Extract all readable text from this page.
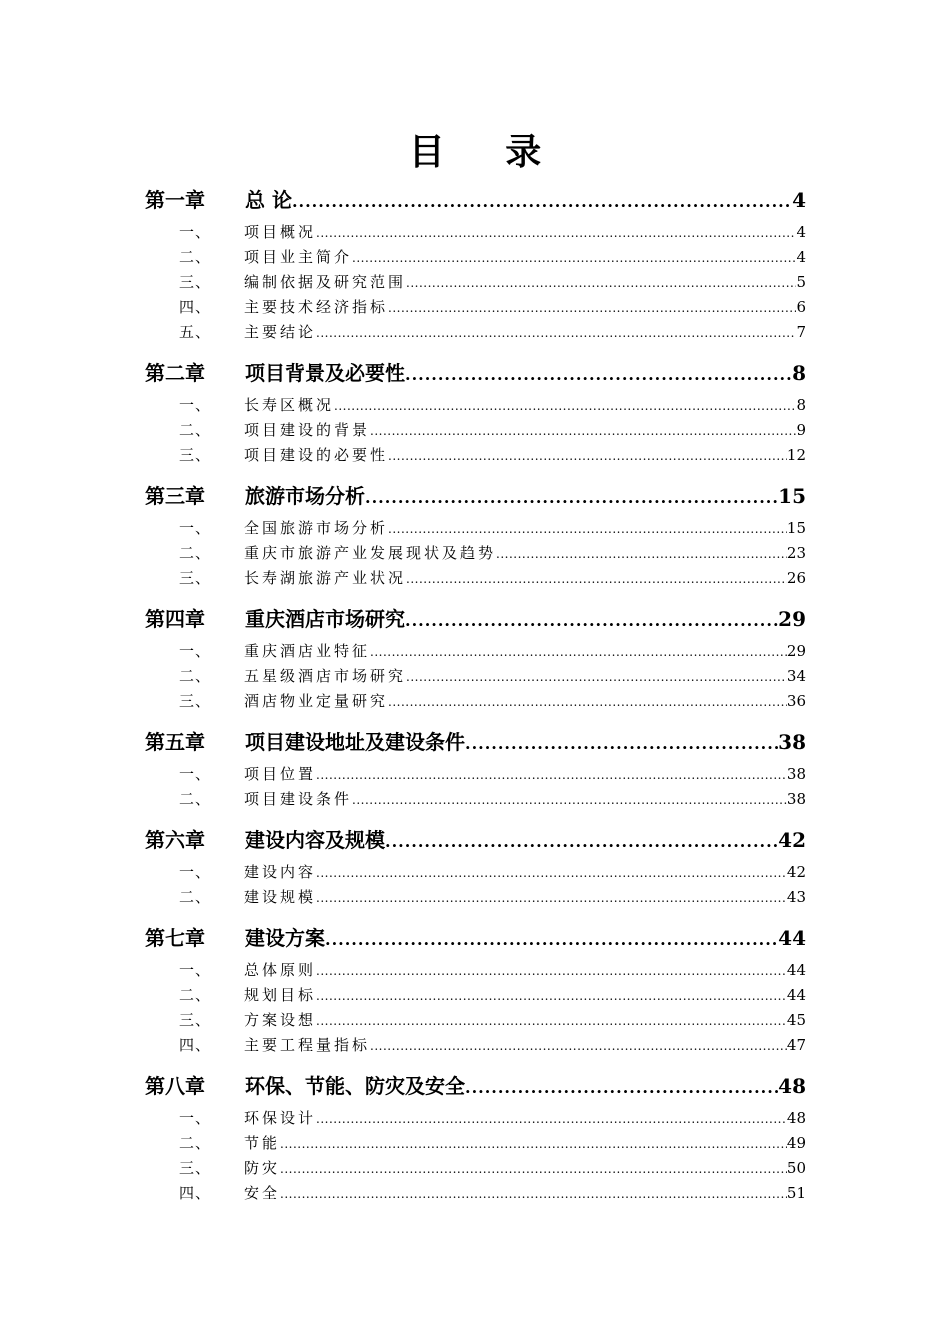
目 录
第一章	总 论 .....	4
一、	项目概况 .....	4
二、	项目业主简介 .....	4
三、	编制依据及研究范围 .....	5
四、	主要技术经济指标 .....	6
五、	主要结论 .....	7
第二章	项目背景及必要性 .....	8
一、	长寿区概况 .....	8
二、	项目建设的背景 .....	9
三、	项目建设的必要性 .....	12
第三章	旅游市场分析 .....	15
一、	全国旅游市场分析 .....	15
二、	重庆市旅游产业发展现状及趋势 .....	23
三、	长寿湖旅游产业状况 .....	26
第四章	重庆酒店市场研究 .....	29
一、	重庆酒店业特征 .....	29
二、	五星级酒店市场研究 .....	34
三、	酒店物业定量研究 .....	36
第五章	项目建设地址及建设条件 .....	38
一、	项目位置 .....	38
二、	项目建设条件 .....	38
第六章	建设内容及规模 .....	42
一、	建设内容 .....	42
二、	建设规模 .....	43
第七章	建设方案 .....	44
一、	总体原则 .....	44
二、	规划目标 .....	44
三、	方案设想 .....	45
四、	主要工程量指标 .....	47
第八章	环保、节能、防灾及安全 .....	48
一、	环保设计 .....	48
二、	节能 .....	49
三、	防灾 .....	50
四、	安全 .....	51
